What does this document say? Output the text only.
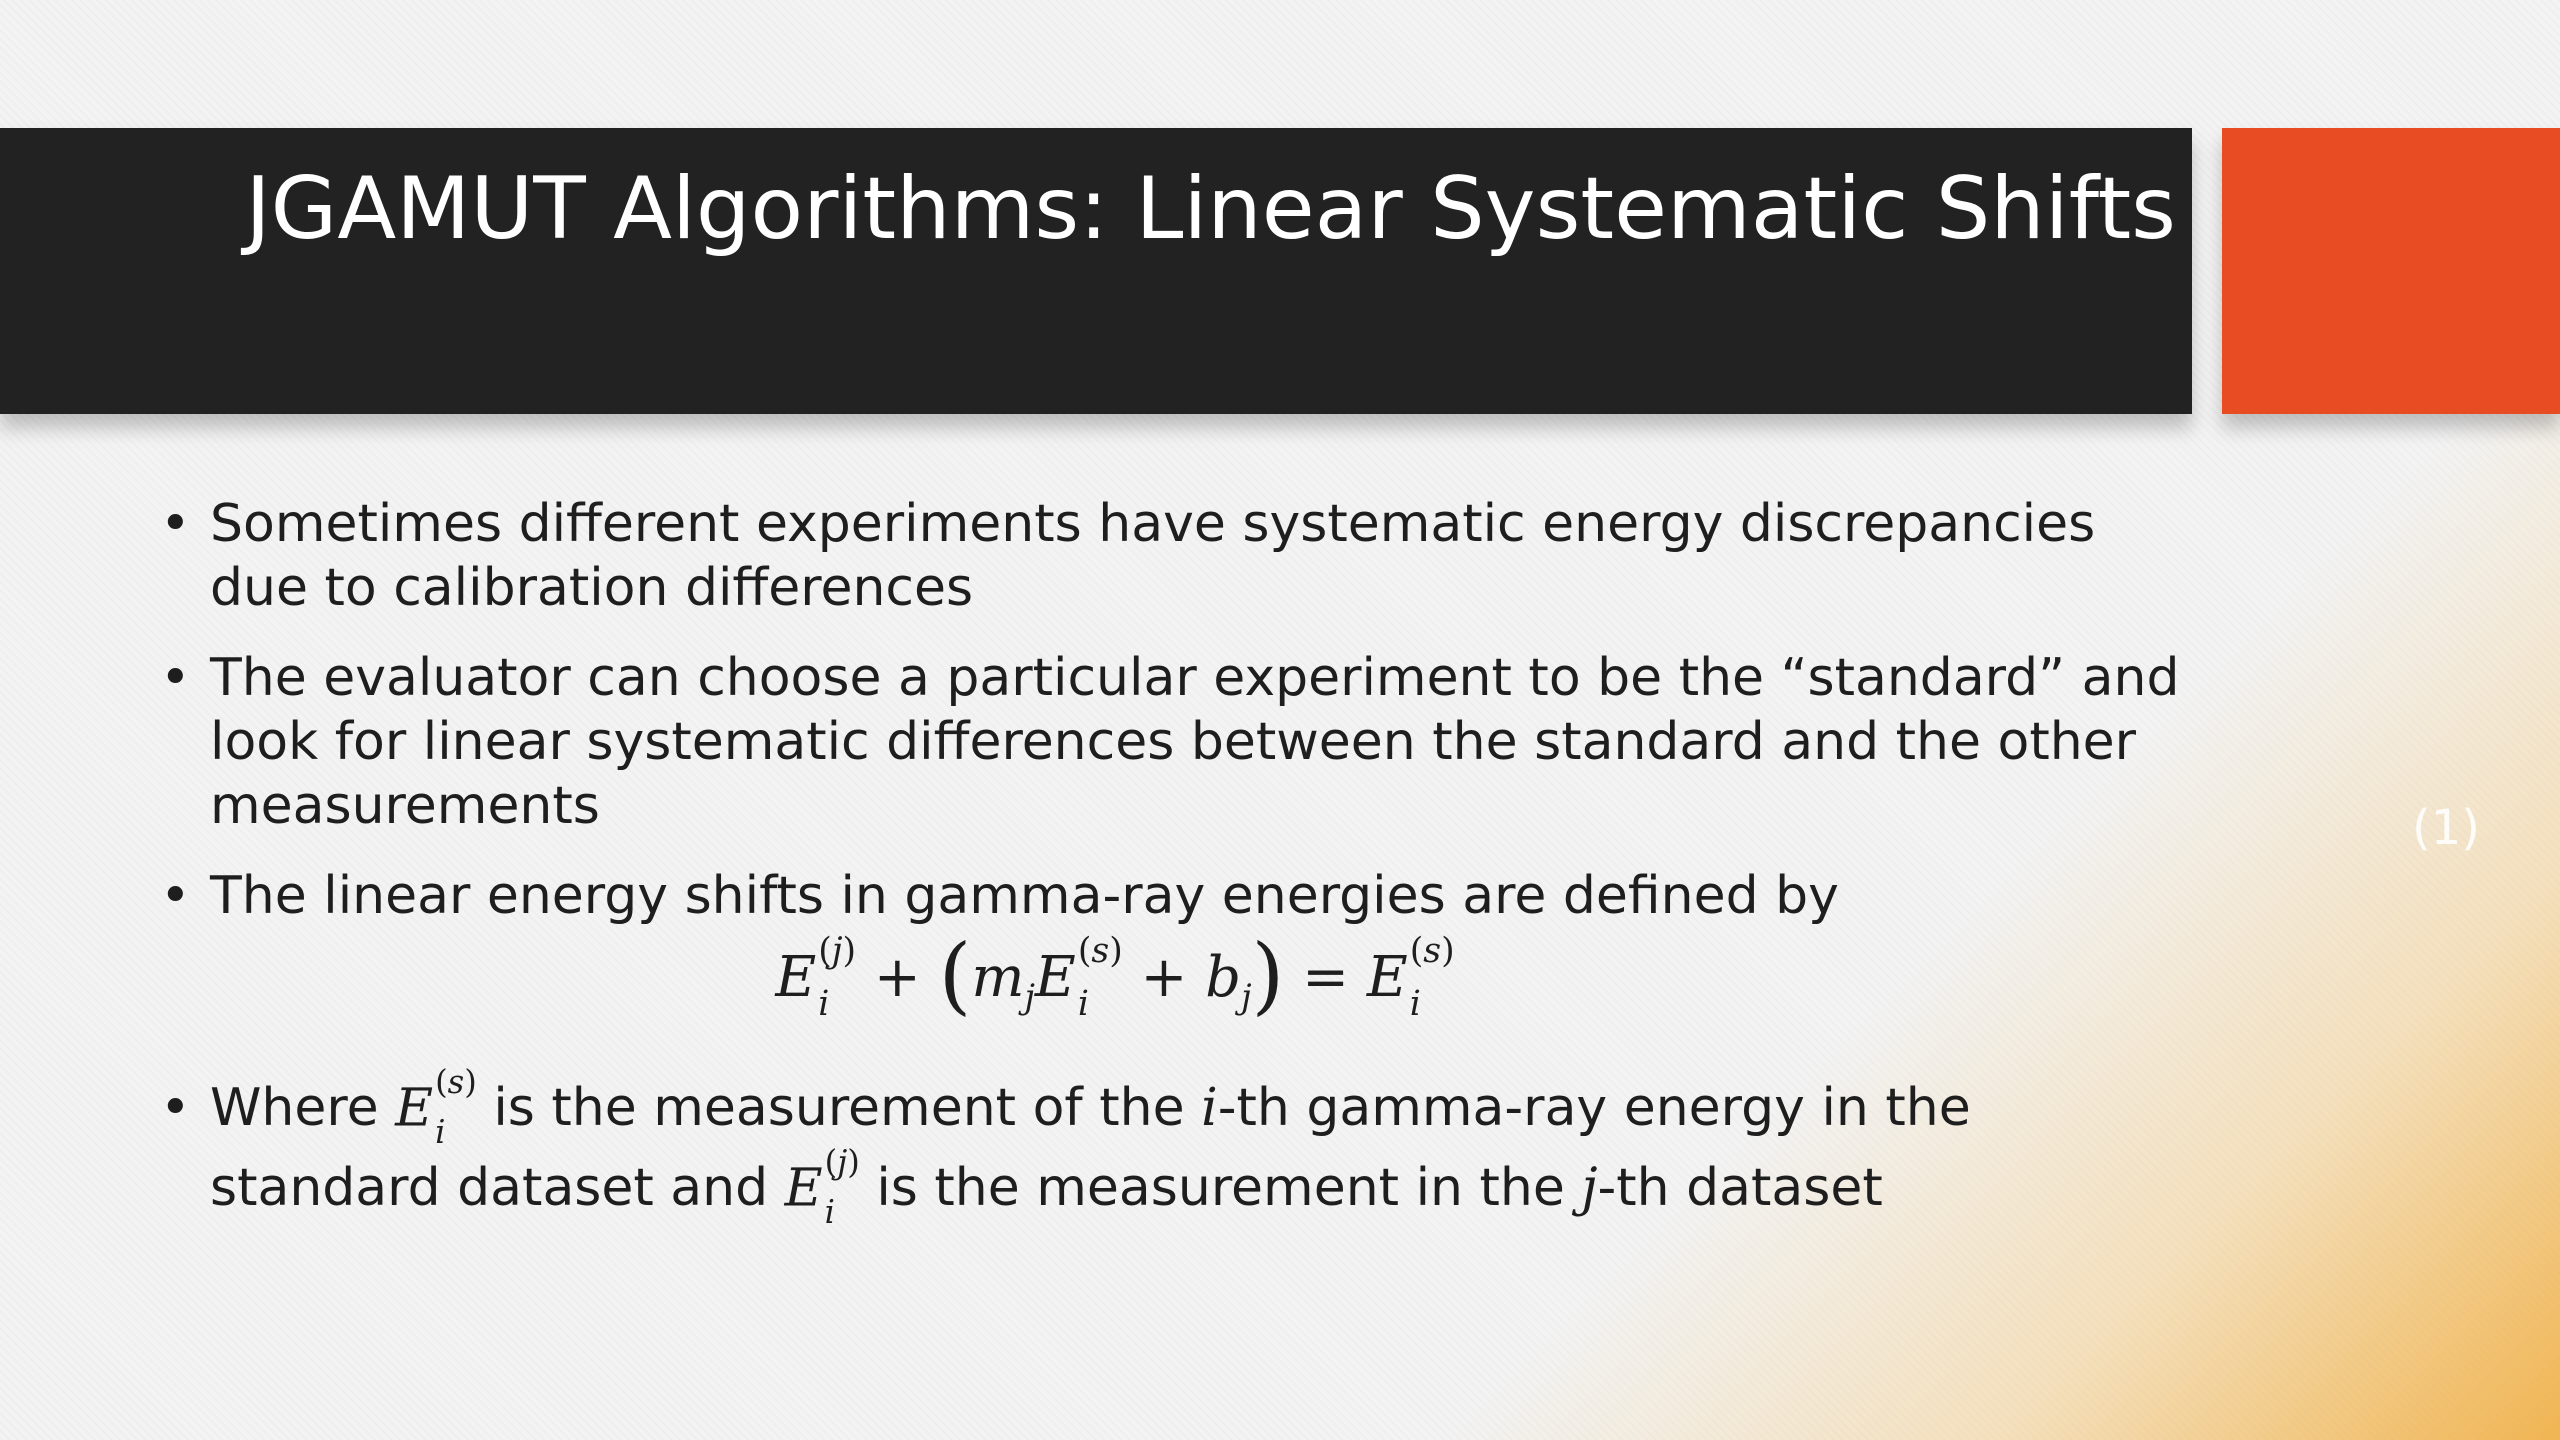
JGAMUT Algorithms: Linear Systematic Shifts
• Sometimes different experiments have systematic energy discrepancies due to calibration differences
• The evaluator can choose a particular experiment to be the “standard” and look for linear systematic differences between the standard and the other measurements
• The linear energy shifts in gamma-ray energies are defined by
E (j)
$i + (m_jE$ (s)
$i + b_j) = E$ (s)
i
• Where E (s)
i is the measurement of the i-th gamma-ray energy in the standard dataset and E (j)
i is the measurement in the j-th dataset
(1)
